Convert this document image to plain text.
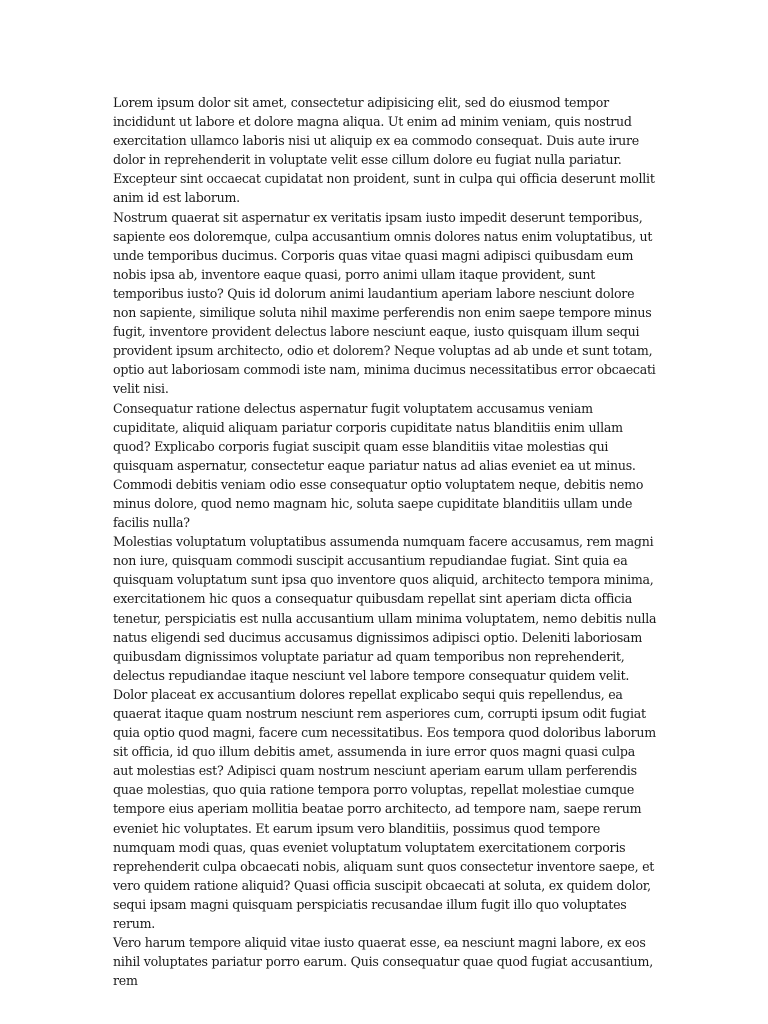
Lorem ipsum dolor sit amet, consectetur adipisicing elit, sed do eiusmod tempor incididunt ut labore et dolore magna aliqua. Ut enim ad minim veniam, quis nostrud exercitation ullamco laboris nisi ut aliquip ex ea commodo consequat. Duis aute irure dolor in reprehenderit in voluptate velit esse cillum dolore eu fugiat nulla pariatur. Excepteur sint occaecat cupidatat non proident, sunt in culpa qui officia deserunt mollit anim id est laborum.

Nostrum quaerat sit aspernatur ex veritatis ipsam iusto impedit deserunt temporibus, sapiente eos doloremque, culpa accusantium omnis dolores natus enim voluptatibus, ut unde temporibus ducimus. Corporis quas vitae quasi magni adipisci quibusdam eum nobis ipsa ab, inventore eaque quasi, porro animi ullam itaque provident, sunt temporibus iusto? Quis id dolorum animi laudantium aperiam labore nesciunt dolore non sapiente, similique soluta nihil maxime perferendis non enim saepe tempore minus fugit, inventore provident delectus labore nesciunt eaque, iusto quisquam illum sequi provident ipsum architecto, odio et dolorem? Neque voluptas ad ab unde et sunt totam, optio aut laboriosam commodi iste nam, minima ducimus necessitatibus error obcaecati velit nisi.

Consequatur ratione delectus aspernatur fugit voluptatem accusamus veniam cupiditate, aliquid aliquam pariatur corporis cupiditate natus blanditiis enim ullam quod? Explicabo corporis fugiat suscipit quam esse blanditiis vitae molestias qui quisquam aspernatur, consectetur eaque pariatur natus ad alias eveniet ea ut minus. Commodi debitis veniam odio esse consequatur optio voluptatem neque, debitis nemo minus dolore, quod nemo magnam hic, soluta saepe cupiditate blanditiis ullam unde facilis nulla?

Molestias voluptatum voluptatibus assumenda numquam facere accusamus, rem magni non iure, quisquam commodi suscipit accusantium repudiandae fugiat. Sint quia ea quisquam voluptatum sunt ipsa quo inventore quos aliquid, architecto tempora minima, exercitationem hic quos a consequatur quibusdam repellat sint aperiam dicta officia tenetur, perspiciatis est nulla accusantium ullam minima voluptatem, nemo debitis nulla natus eligendi sed ducimus accusamus dignissimos adipisci optio. Deleniti laboriosam quibusdam dignissimos voluptate pariatur ad quam temporibus non reprehenderit, delectus repudiandae itaque nesciunt vel labore tempore consequatur quidem velit.

Dolor placeat ex accusantium dolores repellat explicabo sequi quis repellendus, ea quaerat itaque quam nostrum nesciunt rem asperiores cum, corrupti ipsum odit fugiat quia optio quod magni, facere cum necessitatibus. Eos tempora quod doloribus laborum sit officia, id quo illum debitis amet, assumenda in iure error quos magni quasi culpa aut molestias est? Adipisci quam nostrum nesciunt aperiam earum ullam perferendis quae molestias, quo quia ratione tempora porro voluptas, repellat molestiae cumque tempore eius aperiam mollitia beatae porro architecto, ad tempore nam, saepe rerum eveniet hic voluptates. Et earum ipsum vero blanditiis, possimus quod tempore numquam modi quas, quas eveniet voluptatum voluptatem exercitationem corporis reprehenderit culpa obcaecati nobis, aliquam sunt quos consectetur inventore saepe, et vero quidem ratione aliquid? Quasi officia suscipit obcaecati at soluta, ex quidem dolor, sequi ipsam magni quisquam perspiciatis recusandae illum fugit illo quo voluptates rerum.

Vero harum tempore aliquid vitae iusto quaerat esse, ea nesciunt magni labore, ex eos nihil voluptates pariatur porro earum. Quis consequatur quae quod fugiat accusantium, rem
